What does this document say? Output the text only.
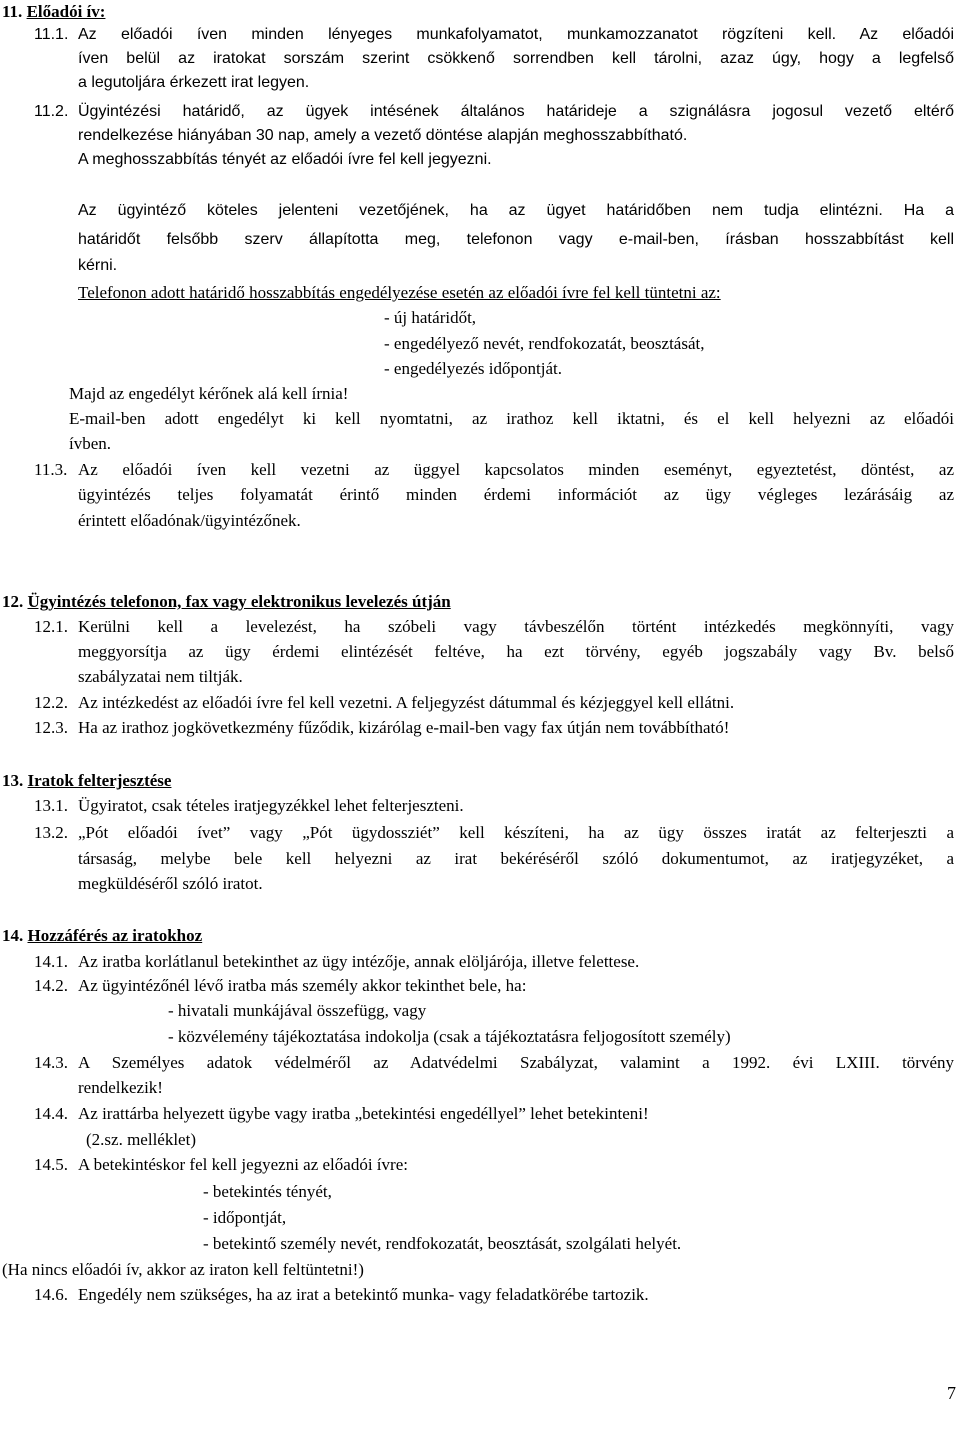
11. Előadói ív:
11.1. Az előadói íven minden lényeges munkafolyamatot, munkamozzanatot rögzíteni kell. Az előadói
íven belül az iratokat sorszám szerint csökkenő sorrendben kell tárolni, azaz úgy, hogy a legfelső
a legutoljára érkezett irat legyen.
11.2. Ügyintézési határidő, az ügyek intésének általános határideje a szignálásra jogosul vezető eltérő
rendelkezése hiányában 30 nap, amely a vezető döntése alapján meghosszabbítható.
A meghosszabbítás tényét az előadói ívre fel kell jegyezni.
Az ügyintéző köteles jelenteni vezetőjének, ha az ügyet határidőben nem tudja elintézni. Ha a
határidőt felsőbb szerv állapította meg, telefonon vagy e-mail-ben, írásban hosszabbítást kell
kérni.
Telefonon adott határidő hosszabbítás engedélyezése esetén az előadói ívre fel kell tüntetni az:
- új határidőt,
- engedélyező nevét, rendfokozatát, beosztását,
- engedélyezés időpontját.
Majd az engedélyt kérőnek alá kell írnia!
E-mail-ben adott engedélyt ki kell nyomtatni, az irathoz kell iktatni, és el kell helyezni az előadói
ívben.
11.3. Az előadói íven kell vezetni az üggyel kapcsolatos minden eseményt, egyeztetést, döntést, az
ügyintézés teljes folyamatát érintő minden érdemi információt az ügy végleges lezárásáig az
érintett előadónak/ügyintézőnek.
12. Ügyintézés telefonon, fax vagy elektronikus levelezés útján
12.1. Kerülni kell a levelezést, ha szóbeli vagy távbeszélőn történt intézkedés megkönnyíti, vagy
meggyorsítja az ügy érdemi elintézését feltéve, ha ezt törvény, egyéb jogszabály vagy Bv. belső
szabályzatai nem tiltják.
12.2. Az intézkedést az előadói ívre fel kell vezetni. A feljegyzést dátummal és kézjeggyel kell ellátni.
12.3. Ha az irathoz jogkövetkezmény fűződik, kizárólag e-mail-ben vagy fax útján nem továbbítható!
13. Iratok felterjesztése
13.1. Ügyiratot, csak tételes iratjegyzékkel lehet felterjeszteni.
13.2. „Pót előadói ívet” vagy „Pót ügydossziét” kell készíteni, ha az ügy összes iratát az felterjeszti a
társaság, melybe bele kell helyezni az irat bekéréséről szóló dokumentumot, az iratjegyzéket, a
megküldéséről szóló iratot.
14. Hozzáférés az iratokhoz
14.1. Az iratba korlátlanul betekinthet az ügy intézője, annak elöljárója, illetve felettese.
14.2. Az ügyintézőnél lévő iratba más személy akkor tekinthet bele, ha:
- hivatali munkájával összefügg, vagy
- közvélemény tájékoztatása indokolja (csak a tájékoztatásra feljogosított személy)
14.3. A Személyes adatok védelméről az Adatvédelmi Szabályzat, valamint a 1992. évi LXIII. törvény
rendelkezik!
14.4. Az irattárba helyezett ügybe vagy iratba „betekintési engedéllyel” lehet betekinteni!
(2.sz. melléklet)
14.5. A betekintéskor fel kell jegyezni az előadói ívre:
- betekintés tényét,
- időpontját,
- betekintő személy nevét, rendfokozatát, beosztását, szolgálati helyét.
(Ha nincs előadói ív, akkor az iraton kell feltüntetni!)
14.6. Engedély nem szükséges, ha az irat a betekintő munka- vagy feladatkörébe tartozik.
7
